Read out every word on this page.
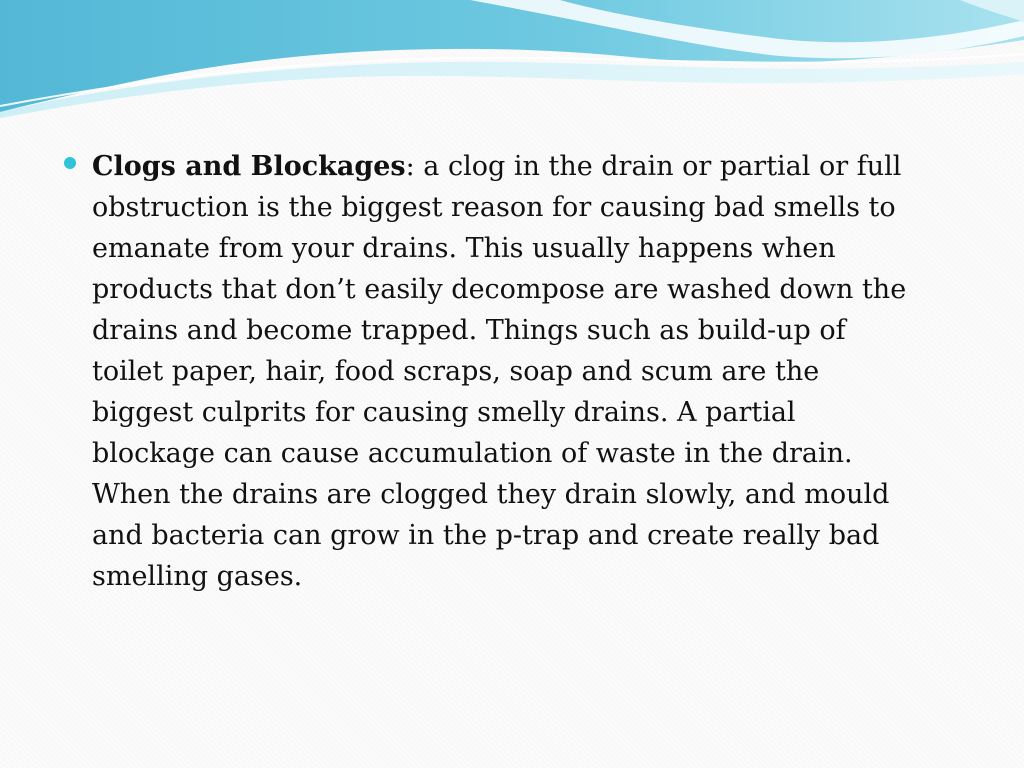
Clogs and Blockages: a clog in the drain or partial or full obstruction is the biggest reason for causing bad smells to emanate from your drains. This usually happens when products that don’t easily decompose are washed down the drains and become trapped. Things such as build-up of toilet paper, hair, food scraps, soap and scum are the biggest culprits for causing smelly drains. A partial blockage can cause accumulation of waste in the drain. When the drains are clogged they drain slowly, and mould and bacteria can grow in the p-trap and create really bad smelling gases.
